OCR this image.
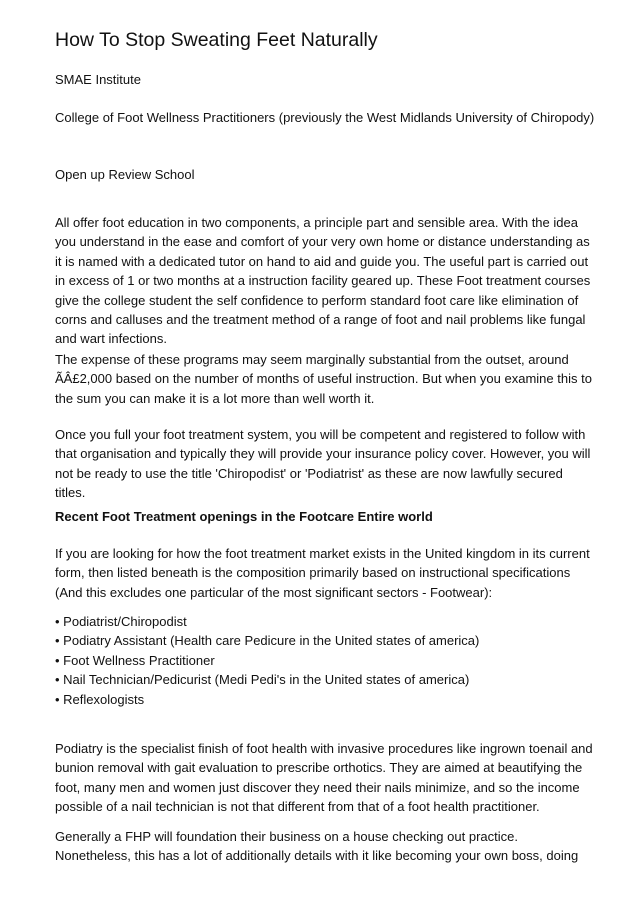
How To Stop Sweating Feet Naturally

SMAE Institute

College of Foot Wellness Practitioners (previously the West Midlands University of Chiropody)

Open up Review School

All offer foot education in two components, a principle part and sensible area. With the idea you understand in the ease and comfort of your very own home or distance understanding as it is named with a dedicated tutor on hand to aid and guide you. The useful part is carried out in excess of 1 or two months at a instruction facility geared up. These Foot treatment courses give the college student the self confidence to perform standard foot care like elimination of corns and calluses and the treatment method of a range of foot and nail problems like fungal and wart infections.

The expense of these programs may seem marginally substantial from the outset, around ÃÂ£2,000 based on the number of months of useful instruction. But when you examine this to the sum you can make it is a lot more than well worth it.

Once you full your foot treatment system, you will be competent and registered to follow with that organisation and typically they will provide your insurance policy cover. However, you will not be ready to use the title 'Chiropodist' or 'Podiatrist' as these are now lawfully secured titles.

Recent Foot Treatment openings in the Footcare Entire world

If you are looking for how the foot treatment market exists in the United kingdom in its current form, then listed beneath is the composition primarily based on instructional specifications (And this excludes one particular of the most significant sectors - Footwear):

• Podiatrist/Chiropodist
• Podiatry Assistant (Health care Pedicure in the United states of america)
• Foot Wellness Practitioner
• Nail Technician/Pedicurist (Medi Pedi's in the United states of america)
• Reflexologists

Podiatry is the specialist finish of foot health with invasive procedures like ingrown toenail and bunion removal with gait evaluation to prescribe orthotics. They are aimed at beautifying the foot, many men and women just discover they need their nails minimize, and so the income possible of a nail technician is not that different from that of a foot health practitioner.

Generally a FHP will foundation their business on a house checking out practice. Nonetheless, this has a lot of additionally details with it like becoming your own boss, doing
